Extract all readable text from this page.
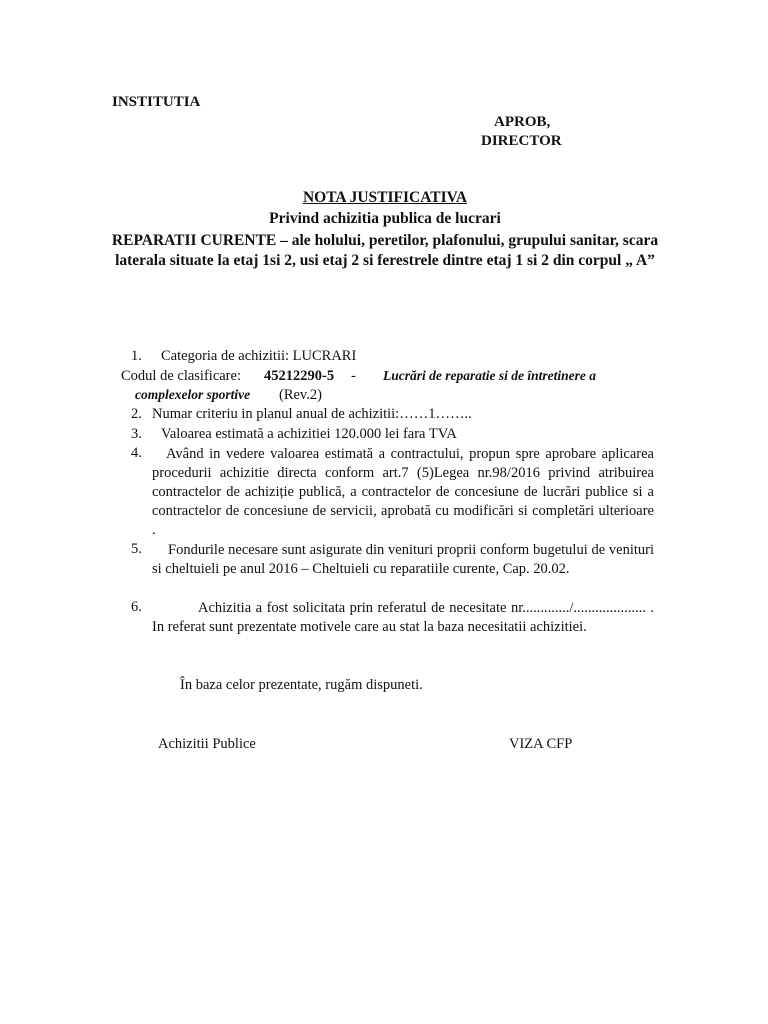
INSTITUTIA
APROB,
DIRECTOR
NOTA JUSTIFICATIVA
Privind achizitia publica de lucrari
REPARATII CURENTE – ale holului, peretilor, plafonului, grupului sanitar, scara laterala situate la etaj 1si 2, usi etaj 2 si ferestrele dintre etaj 1 si 2 din corpul „ A”
1. Categoria de achizitii: LUCRARI
Codul de clasificare: 45212290-5 - Lucrări de reparatie si de întretinere a
complexelor sportive (Rev.2)
2. Numar criteriu in planul anual de achizitii:……1……..
3. Valoarea estimată a achizitiei 120.000 lei fara TVA
4.	Având in vedere valoarea estimată a contractului, propun spre aprobare aplicarea procedurii achizitie directa conform art.7 (5)Legea nr.98/2016 privind atribuirea contractelor de achiziție publică, a contractelor de concesiune de lucrări publice si a contractelor de concesiune de servicii, aprobată cu modificări si completări ulterioare .
5.	Fondurile necesare sunt asigurate din venituri proprii conform bugetului de venituri si cheltuieli pe anul 2016 – Cheltuieli cu reparatiile curente, Cap. 20.02.
6.	Achizitia a fost solicitata prin referatul de necesitate nr............./.................... . In referat sunt prezentate motivele care au stat la baza necesitatii achizitiei.
În baza celor prezentate, rugăm dispuneti.
Achizitii Publice	VIZA CFP
